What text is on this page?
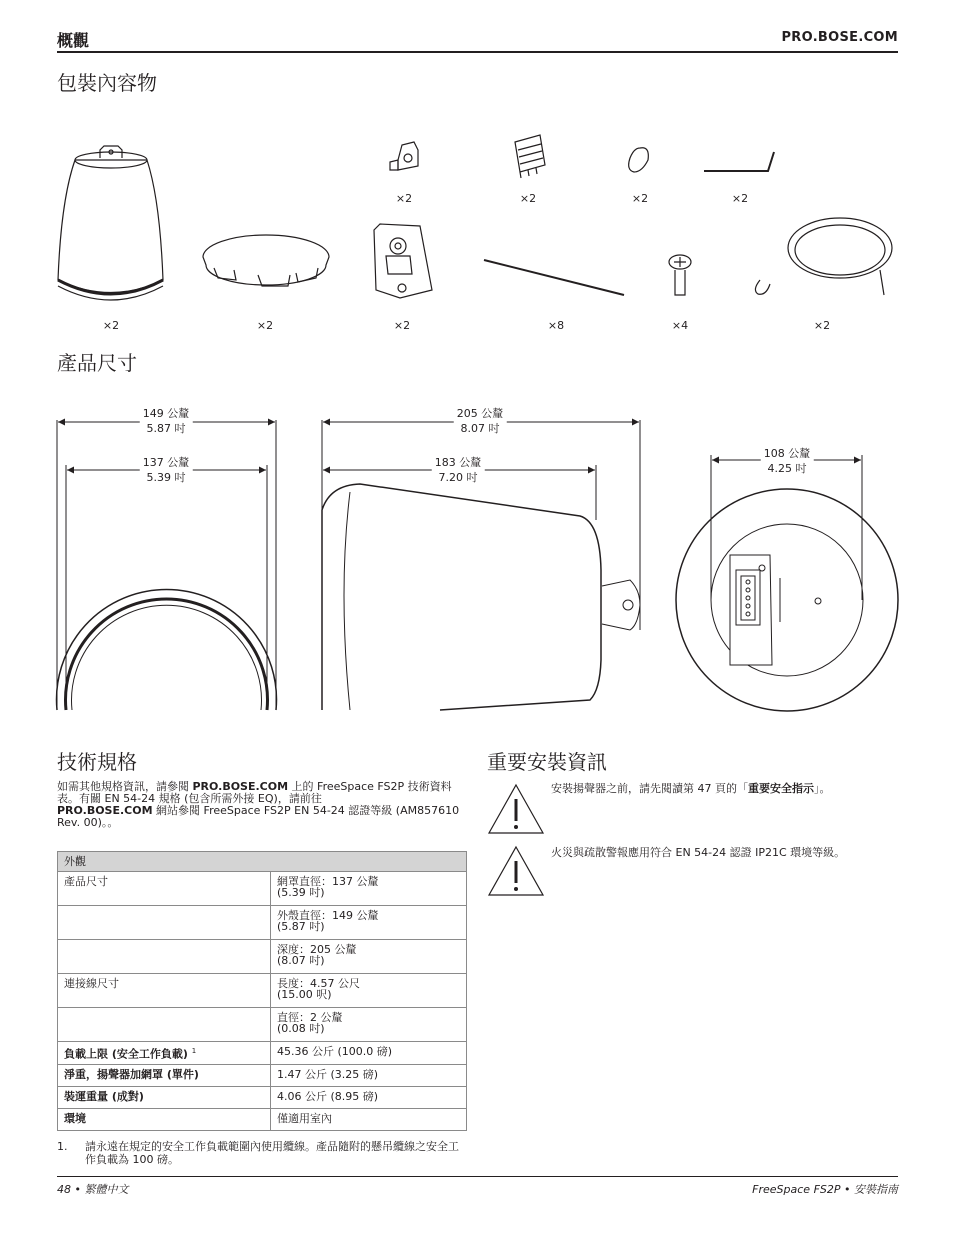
概觀	PRO.BOSE.COM
包裝內容物
×2	×2	×2	×2
×2	×2	×2	×8	×4	×2
產品尺寸
149 公釐
5.87 吋
137 公釐
5.39 吋
205 公釐
8.07 吋
183 公釐
7.20 吋
108 公釐
4.25 吋
技術規格
如需其他規格資訊，請參閱 PRO.BOSE.COM 上的 FreeSpace FS2P 技術資料表。有關 EN 54-24 規格 (包含所需外接 EQ)，請前往
PRO.BOSE.COM 網站參閱 FreeSpace FS2P EN 54-24 認證等級 (AM857610 Rev. 00)。。
外觀	
產品尺寸	網罩直徑：137 公釐
(5.39 吋)

	外殼直徑：149 公釐
(5.87 吋)

	深度：205 公釐
(8.07 吋)

連接線尺寸	長度：4.57 公尺
(15.00 呎)

	直徑：2 公釐
(0.08 吋)

負載上限 (安全工作負載) $^1$	45.36 公斤 (100.0 磅)
淨重，揚聲器加網罩 (單件)	1.47 公斤 (3.25 磅)
裝運重量 (成對)	4.06 公斤 (8.95 磅)
環境	僅適用室內
1. 請永遠在規定的安全工作負載範圍內使用纜線。產品隨附的懸吊纜線之安全工作負載為 100 磅。
重要安裝資訊
安裝揚聲器之前，請先閱讀第 47 頁的「重要安全指示」。
火災與疏散警報應用符合 EN 54-24 認證 IP21C 環境等級。
48 • 繁體中文	FreeSpace FS2P • 安裝指南
